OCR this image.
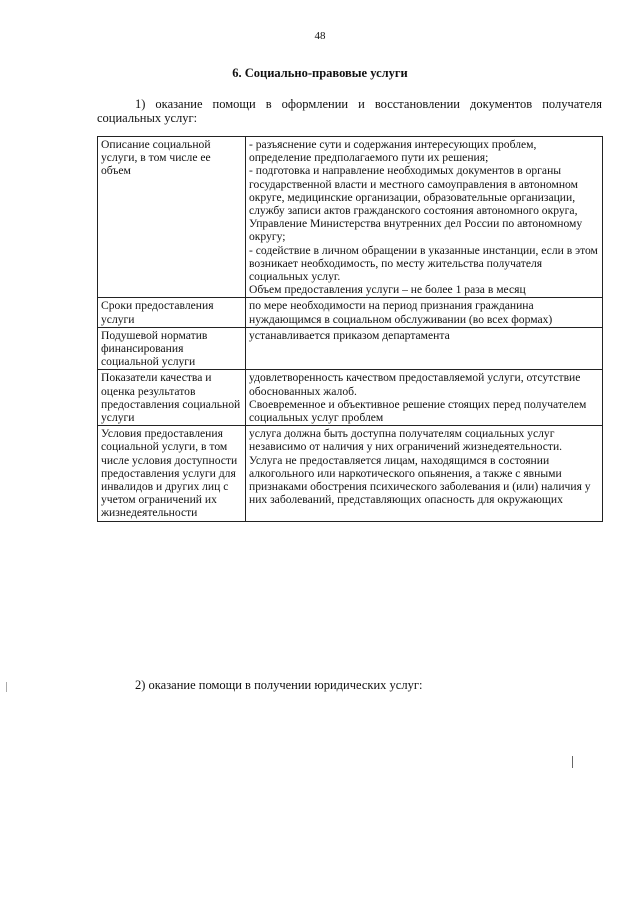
48
6. Социально-правовые услуги
1) оказание помощи в оформлении и восстановлении документов получателя социальных услуг:
Описание социальной услуги, в том числе ее объем	- разъяснение сути и содержания интересующих проблем, определение предполагаемого пути их решения;

- подготовка и направление необходимых документов в органы государственной власти и местного самоуправления в автономном округе, медицинские организации, образовательные организации, службу записи актов гражданского состояния автономного округа, Управление Министерства внутренних дел России по автономному округу;

- содействие в личном обращении в указанные инстанции, если в этом возникает необходимость, по месту жительства получателя социальных услуг.

Объем предоставления услуги – не более 1 раза в месяц

Сроки предоставления услуги	по мере необходимости на период признания гражданина нуждающимся в социальном обслуживании (во всех формах)

Подушевой норматив финансирования социальной услуги	устанавливается приказом департамента

Показатели качества и оценка результатов предоставления социальной услуги	удовлетворенность качеством предоставляемой услуги, отсутствие обоснованных жалоб.

Своевременное и объективное решение стоящих перед получателем социальных услуг проблем

Условия предоставления социальной услуги, в том числе условия доступности предоставления услуги для инвалидов и других лиц с учетом ограничений их жизнедеятельности	услуга должна быть доступна получателям социальных услуг независимо от наличия у них ограничений жизнедеятельности.

Услуга не предоставляется лицам, находящимся в состоянии алкогольного или наркотического опьянения, а также с явными признаками обострения психического заболевания и (или) наличия у них заболеваний, представляющих опасность для окружающих

2) оказание помощи в получении юридических услуг:
